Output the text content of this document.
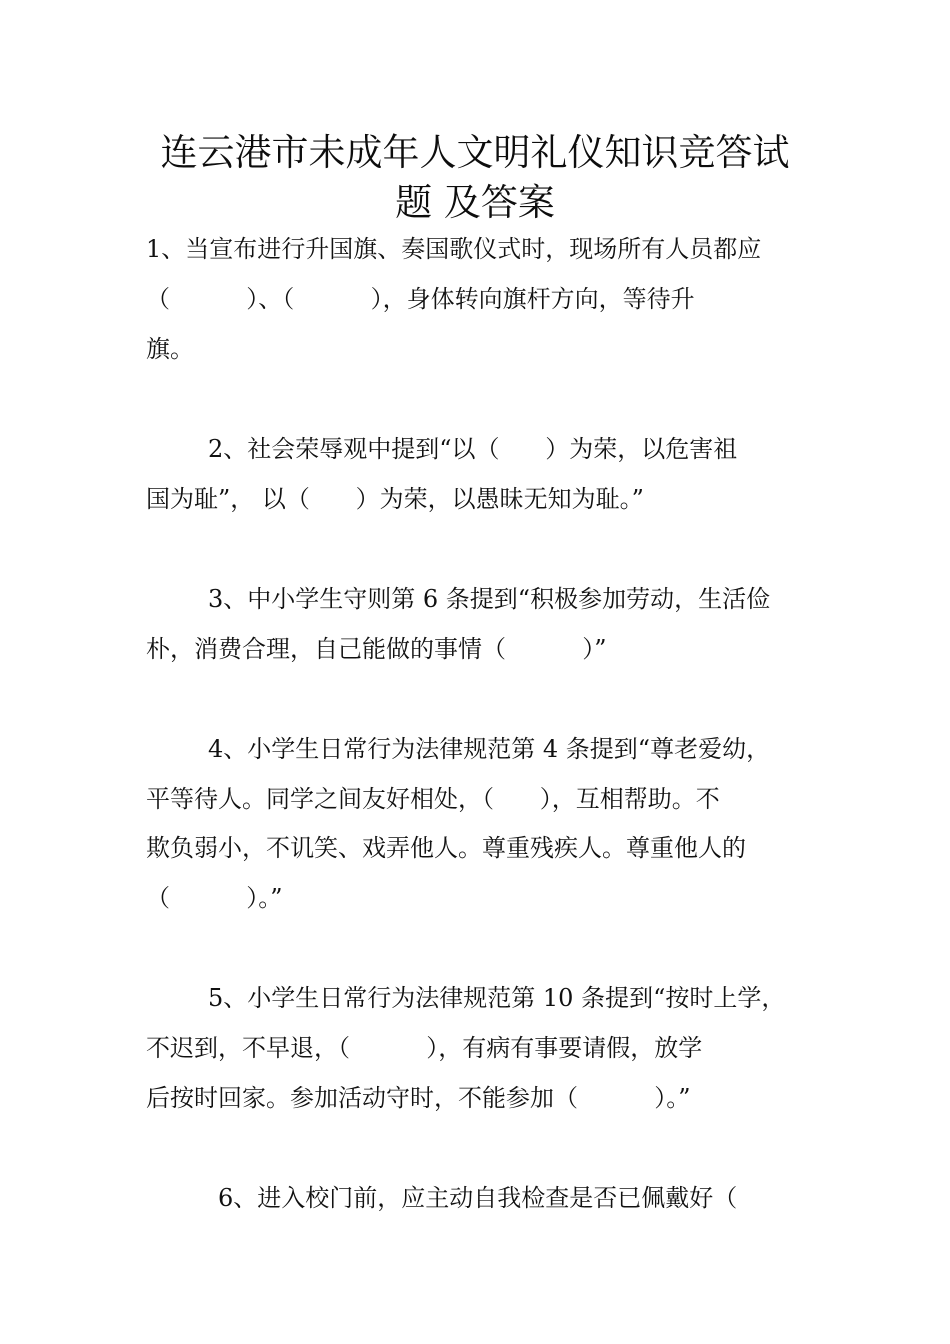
连云港市未成年人文明礼仪知识竞答试
题 及答案
1、当宣布进行升国旗、奏国歌仪式时，现场所有人员都应
（          ）、（          ），身体转向旗杆方向，等待升
旗。
2、社会荣辱观中提到“以（      ）为荣，以危害祖
国为耻”， 以（      ）为荣，以愚昧无知为耻。”
3、中小学生守则第 6 条提到“积极参加劳动，生活俭
朴，消费合理，自己能做的事情（          ）”
4、小学生日常行为法律规范第 4 条提到“尊老爱幼，
平等待人。同学之间友好相处，（      ），互相帮助。不
欺负弱小，不讥笑、戏弄他人。尊重残疾人。尊重他人的
（          ）。”
5、小学生日常行为法律规范第 10 条提到“按时上学，
不迟到，不早退，（          ），有病有事要请假，放学
后按时回家。参加活动守时，不能参加（          ）。”
6、进入校门前，应主动自我检查是否已佩戴好（
